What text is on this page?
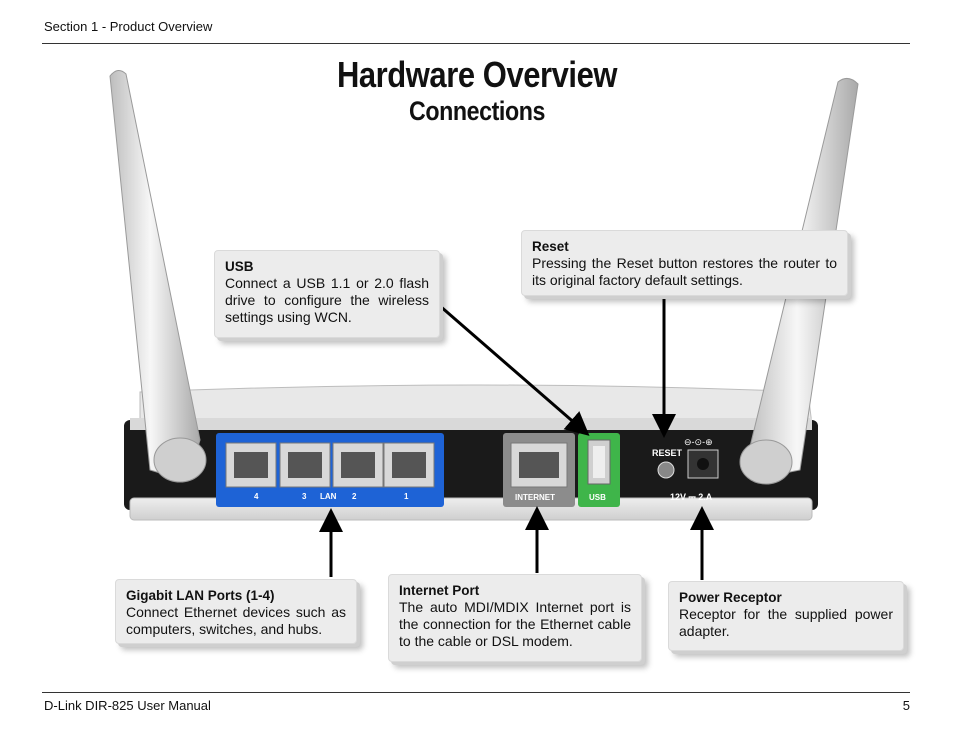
Section 1 - Product Overview
Hardware Overview
Connections
4	3 LAN 2	1	INTERNET	USB
RESET
⊖-⊙-⊕
12V ⎓ 2.A
USB
Connect a USB 1.1 or 2.0 flash drive to configure the wireless settings using WCN.
Reset
Pressing the Reset button restores the router to its original factory default settings.
Gigabit LAN Ports (1-4)
Connect Ethernet devices such as computers, switches, and hubs.
Internet Port
The auto MDI/MDIX Internet port is the connection for the Ethernet cable to the cable or DSL modem.
Power Receptor
Receptor for the supplied power adapter.
D-Link DIR-825 User Manual	5
